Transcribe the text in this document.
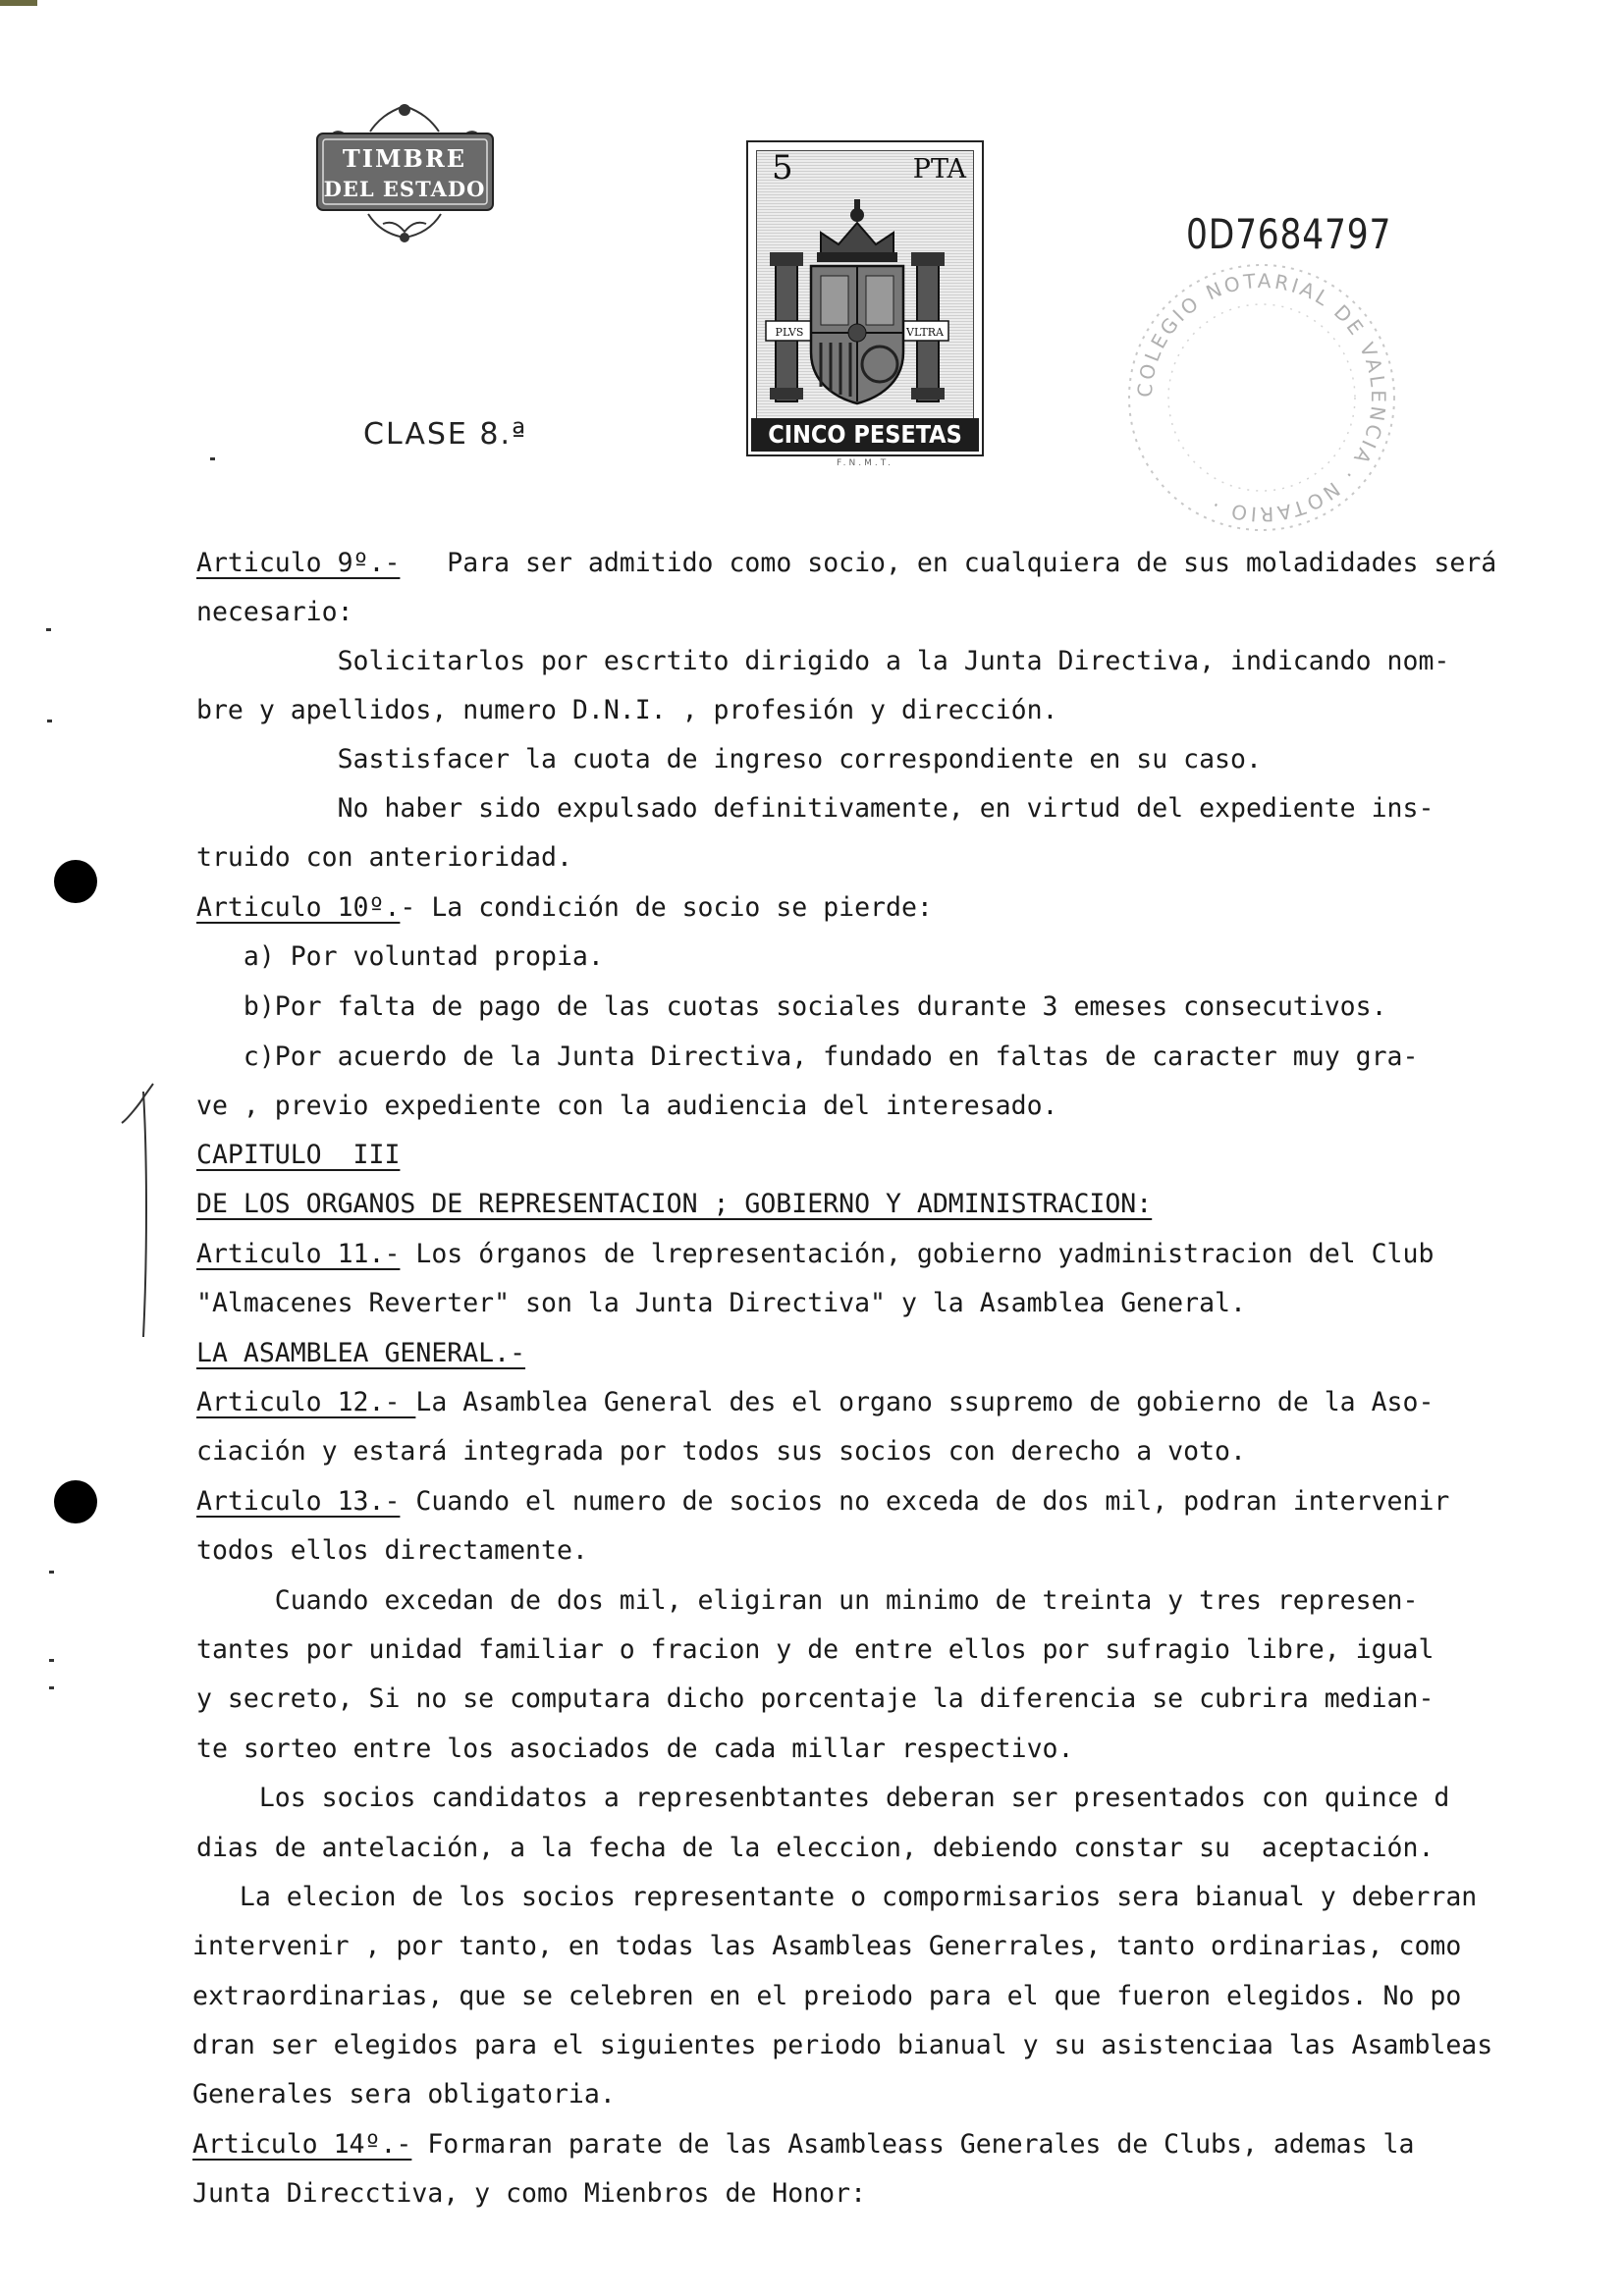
TIMBRE
DEL ESTADO
5	PTA
PLVS	VLTRA
CINCO PESETAS
F.N.M.T.
CLASE 8.ª
0D7684797
COLEGIO NOTARIAL DE VALENCIA · NOTARIO ·
Articulo 9º.-   Para ser admitido como socio, en cualquiera de sus moladidades será
necesario:
Solicitarlos por escrtito dirigido a la Junta Directiva, indicando nom-
bre y apellidos, numero D.N.I. , profesión y dirección.
Sastisfacer la cuota de ingreso correspondiente en su caso.
No haber sido expulsado definitivamente, en virtud del expediente ins-
truido con anterioridad.
Articulo 10º.- La condición de socio se pierde:
a) Por voluntad propia.
b)Por falta de pago de las cuotas sociales durante 3 emeses consecutivos.
c)Por acuerdo de la Junta Directiva, fundado en faltas de caracter muy gra-
ve , previo expediente con la audiencia del interesado.
CAPITULO  III
DE LOS ORGANOS DE REPRESENTACION ; GOBIERNO Y ADMINISTRACION:
Articulo 11.- Los órganos de lrepresentación, gobierno yadministracion del Club
"Almacenes Reverter" son la Junta Directiva" y la Asamblea General.
LA ASAMBLEA GENERAL.-
Articulo 12.- La Asamblea General des el organo ssupremo de gobierno de la Aso-
ciación y estará integrada por todos sus socios con derecho a voto.
Articulo 13.- Cuando el numero de socios no exceda de dos mil, podran intervenir
todos ellos directamente.
Cuando excedan de dos mil, eligiran un minimo de treinta y tres represen-
tantes por unidad familiar o fracion y de entre ellos por sufragio libre, igual
y secreto, Si no se computara dicho porcentaje la diferencia se cubrira median-
te sorteo entre los asociados de cada millar respectivo.
Los socios candidatos a represenbtantes deberan ser presentados con quince d
dias de antelación, a la fecha de la eleccion, debiendo constar su  aceptación.
La elecion de los socios representante o compormisarios sera bianual y deberran
intervenir , por tanto, en todas las Asambleas Generrales, tanto ordinarias, como
extraordinarias, que se celebren en el preiodo para el que fueron elegidos. No po
dran ser elegidos para el siguientes periodo bianual y su asistenciaa las Asambleas
Generales sera obligatoria.
Articulo 14º.- Formaran parate de las Asambleass Generales de Clubs, ademas la
Junta Direcctiva, y como Mienbros de Honor:
